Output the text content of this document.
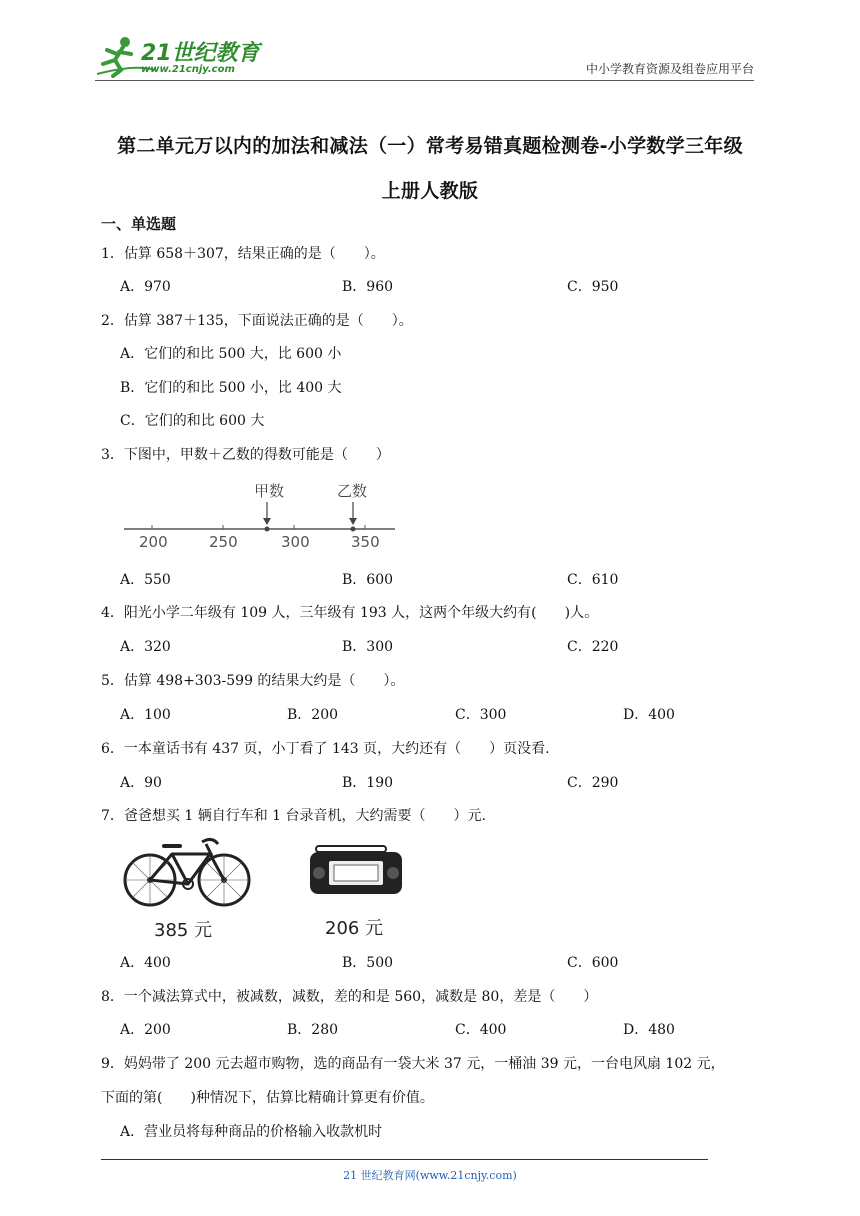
21世纪教育
www.21cnjy.com	中小学教育资源及组卷应用平台
第二单元万以内的加法和减法（一）常考易错真题检测卷-小学数学三年级
上册人教版
一、单选题
1．估算 658＋307，结果正确的是（　　）。
A．970	B．960	C．950
2．估算 387＋135，下面说法正确的是（　　）。
A．它们的和比 500 大，比 600 小
B．它们的和比 500 小，比 400 大
C．它们的和比 600 大
3．下图中，甲数＋乙数的得数可能是（　　）
甲数	乙数
200	250	300	350
A．550	B．600	C．610
4．阳光小学二年级有 109 人，三年级有 193 人，这两个年级大约有(　　)人。
A．320	B．300	C．220
5．估算 498+303-599 的结果大约是（　　）。
A．100	B．200	C．300	D．400
6．一本童话书有 437 页，小丁看了 143 页，大约还有（　　）页没看.
A．90	B．190	C．290
7．爸爸想买 1 辆自行车和 1 台录音机，大约需要（　　）元.
385 元	206 元
A．400	B．500	C．600
8．一个减法算式中，被减数，减数，差的和是 560，减数是 80，差是（　　）
A．200	B．280	C．400	D．480
9．妈妈带了 200 元去超市购物，选的商品有一袋大米 37 元，一桶油 39 元，一台电风扇 102 元，
下面的第(　　)种情况下，估算比精确计算更有价值。
A．营业员将每种商品的价格输入收款机时
21 世纪教育网(www.21cnjy.com)
